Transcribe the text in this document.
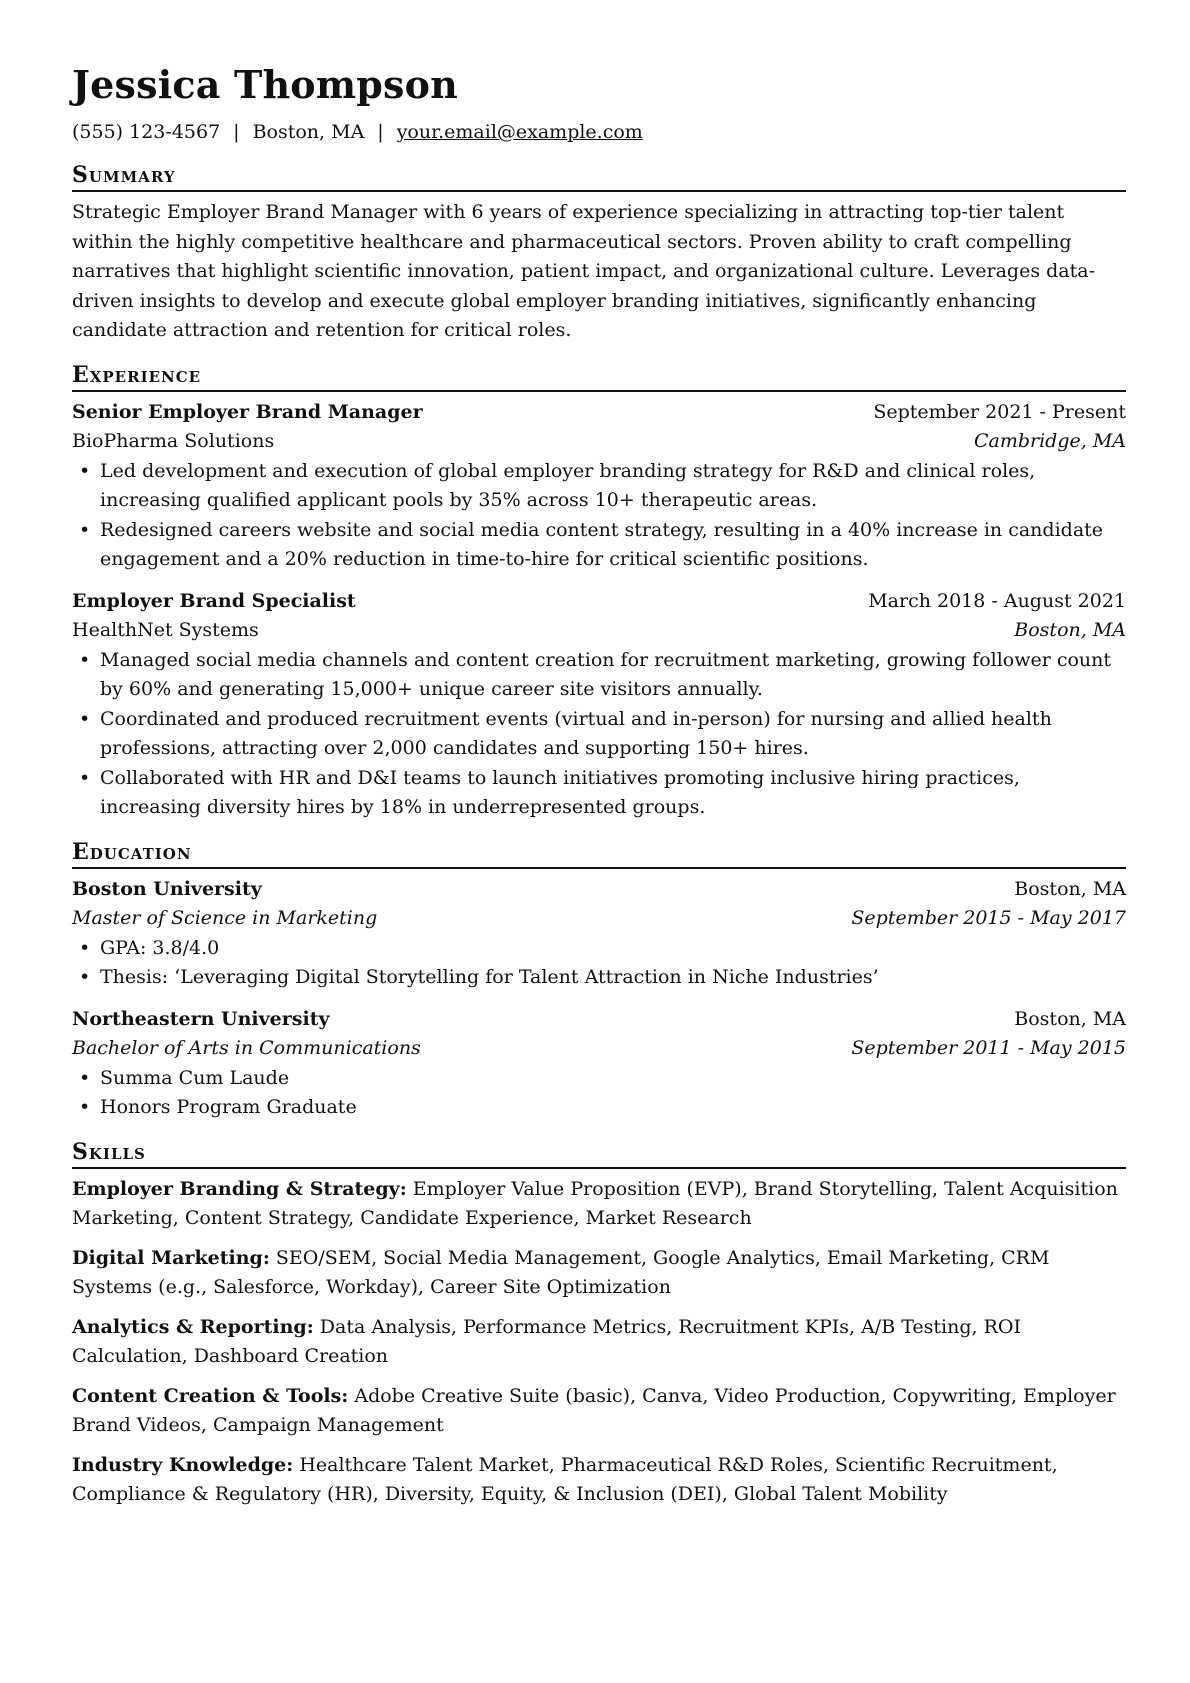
Jessica Thompson
(555) 123-4567 | Boston, MA | your.email@example.com
Summary

Strategic Employer Brand Manager with 6 years of experience specializing in attracting top-tier talent within the highly competitive healthcare and pharmaceutical sectors. Proven ability to craft compelling narratives that highlight scientific innovation, patient impact, and organizational culture. Leverages data-driven insights to develop and execute global employer branding initiatives, significantly enhancing candidate attraction and retention for critical roles.

Experience
Senior Employer Brand Manager	September 2021 - Present
BioPharma Solutions	Cambridge, MA
• Led development and execution of global employer branding strategy for R&D and clinical roles, increasing qualified applicant pools by 35% across 10+ therapeutic areas.
• Redesigned careers website and social media content strategy, resulting in a 40% increase in candidate engagement and a 20% reduction in time-to-hire for critical scientific positions.
Employer Brand Specialist	March 2018 - August 2021
HealthNet Systems	Boston, MA
• Managed social media channels and content creation for recruitment marketing, growing follower count by 60% and generating 15,000+ unique career site visitors annually.
• Coordinated and produced recruitment events (virtual and in-person) for nursing and allied health professions, attracting over 2,000 candidates and supporting 150+ hires.
• Collaborated with HR and D&I teams to launch initiatives promoting inclusive hiring practices, increasing diversity hires by 18% in underrepresented groups.
Education
Boston University	Boston, MA
Master of Science in Marketing	September 2015 - May 2017
• GPA: 3.8/4.0
• Thesis: ‘Leveraging Digital Storytelling for Talent Attraction in Niche Industries’
Northeastern University	Boston, MA
Bachelor of Arts in Communications	September 2011 - May 2015
• Summa Cum Laude
• Honors Program Graduate
Skills

Employer Branding & Strategy: Employer Value Proposition (EVP), Brand Storytelling, Talent Acquisition Marketing, Content Strategy, Candidate Experience, Market Research

Digital Marketing: SEO/SEM, Social Media Management, Google Analytics, Email Marketing, CRM Systems (e.g., Salesforce, Workday), Career Site Optimization

Analytics & Reporting: Data Analysis, Performance Metrics, Recruitment KPIs, A/B Testing, ROI Calculation, Dashboard Creation

Content Creation & Tools: Adobe Creative Suite (basic), Canva, Video Production, Copywriting, Employer Brand Videos, Campaign Management

Industry Knowledge: Healthcare Talent Market, Pharmaceutical R&D Roles, Scientific Recruitment, Compliance & Regulatory (HR), Diversity, Equity, & Inclusion (DEI), Global Talent Mobility
